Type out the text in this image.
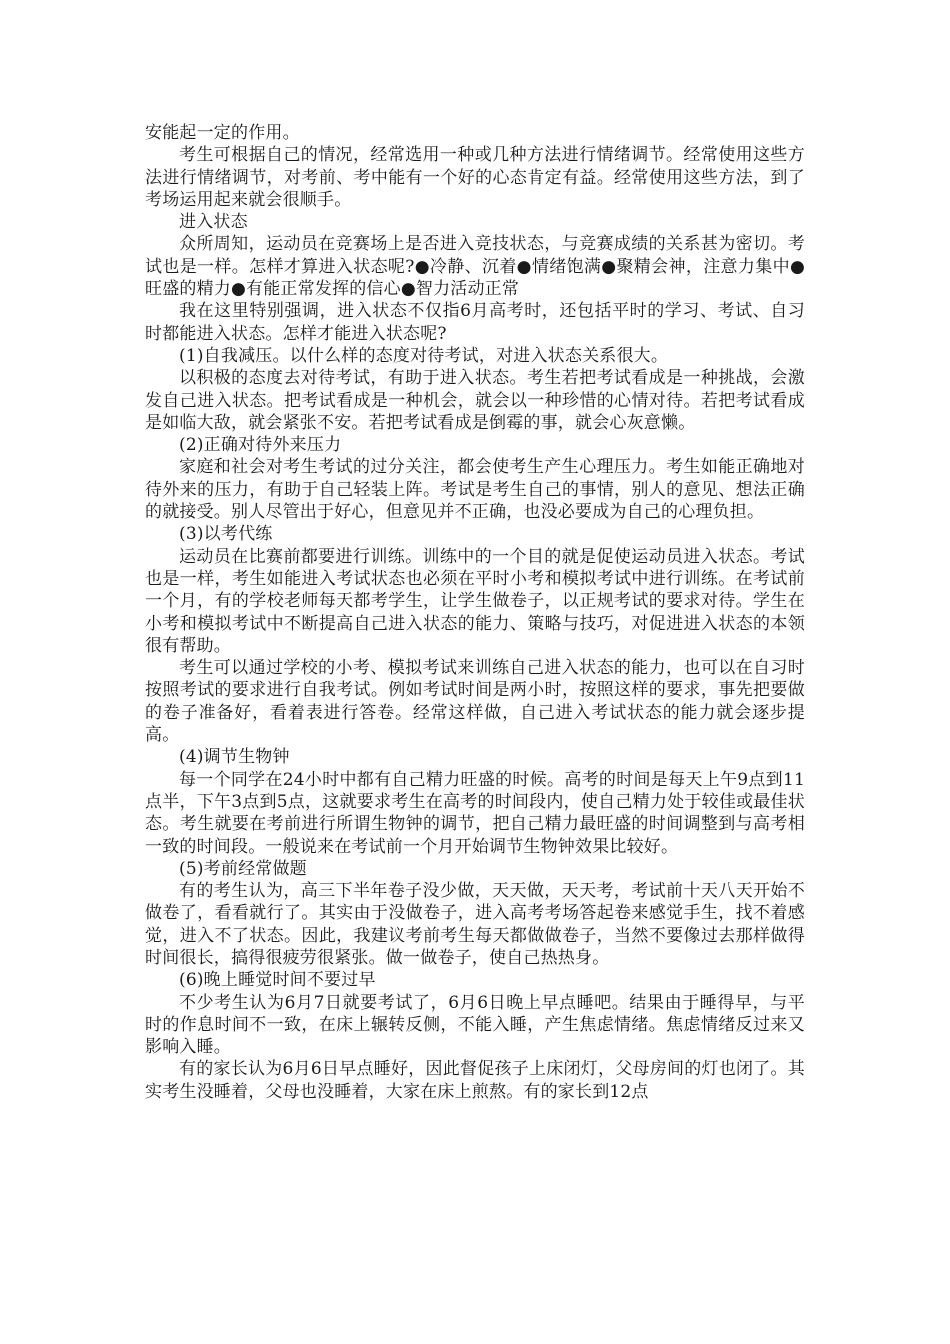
安能起一定的作用。

考生可根据自己的情况，经常选用一种或几种方法进行情绪调节。经常使用这些方法进行情绪调节，对考前、考中能有一个好的心态肯定有益。经常使用这些方法，到了考场运用起来就会很顺手。

进入状态

众所周知，运动员在竞赛场上是否进入竞技状态，与竞赛成绩的关系甚为密切。考试也是一样。怎样才算进入状态呢?●冷静、沉着●情绪饱满●聚精会神，注意力集中●旺盛的精力●有能正常发挥的信心●智力活动正常

我在这里特别强调，进入状态不仅指6月高考时，还包括平时的学习、考试、自习时都能进入状态。怎样才能进入状态呢?

(1)自我减压。以什么样的态度对待考试，对进入状态关系很大。

以积极的态度去对待考试，有助于进入状态。考生若把考试看成是一种挑战，会激发自己进入状态。把考试看成是一种机会，就会以一种珍惜的心情对待。若把考试看成是如临大敌，就会紧张不安。若把考试看成是倒霉的事，就会心灰意懒。

(2)正确对待外来压力

家庭和社会对考生考试的过分关注，都会使考生产生心理压力。考生如能正确地对待外来的压力，有助于自己轻装上阵。考试是考生自己的事情，别人的意见、想法正确的就接受。别人尽管出于好心，但意见并不正确，也没必要成为自己的心理负担。

(3)以考代练

运动员在比赛前都要进行训练。训练中的一个目的就是促使运动员进入状态。考试也是一样，考生如能进入考试状态也必须在平时小考和模拟考试中进行训练。在考试前一个月，有的学校老师每天都考学生，让学生做卷子，以正规考试的要求对待。学生在小考和模拟考试中不断提高自己进入状态的能力、策略与技巧，对促进进入状态的本领很有帮助。

考生可以通过学校的小考、模拟考试来训练自己进入状态的能力，也可以在自习时按照考试的要求进行自我考试。例如考试时间是两小时，按照这样的要求，事先把要做的卷子准备好，看着表进行答卷。经常这样做，自己进入考试状态的能力就会逐步提高。

(4)调节生物钟

每一个同学在24小时中都有自己精力旺盛的时候。高考的时间是每天上午9点到11点半，下午3点到5点，这就要求考生在高考的时间段内，使自己精力处于较佳或最佳状态。考生就要在考前进行所谓生物钟的调节，把自己精力最旺盛的时间调整到与高考相一致的时间段。一般说来在考试前一个月开始调节生物钟效果比较好。

(5)考前经常做题

有的考生认为，高三下半年卷子没少做，天天做，天天考，考试前十天八天开始不做卷了，看看就行了。其实由于没做卷子，进入高考考场答起卷来感觉手生，找不着感觉，进入不了状态。因此，我建议考前考生每天都做做卷子，当然不要像过去那样做得时间很长，搞得很疲劳很紧张。做一做卷子，使自己热热身。

(6)晚上睡觉时间不要过早

不少考生认为6月7日就要考试了，6月6日晚上早点睡吧。结果由于睡得早，与平时的作息时间不一致，在床上辗转反侧，不能入睡，产生焦虑情绪。焦虑情绪反过来又影响入睡。

有的家长认为6月6日早点睡好，因此督促孩子上床闭灯，父母房间的灯也闭了。其实考生没睡着，父母也没睡着，大家在床上煎熬。有的家长到12点
